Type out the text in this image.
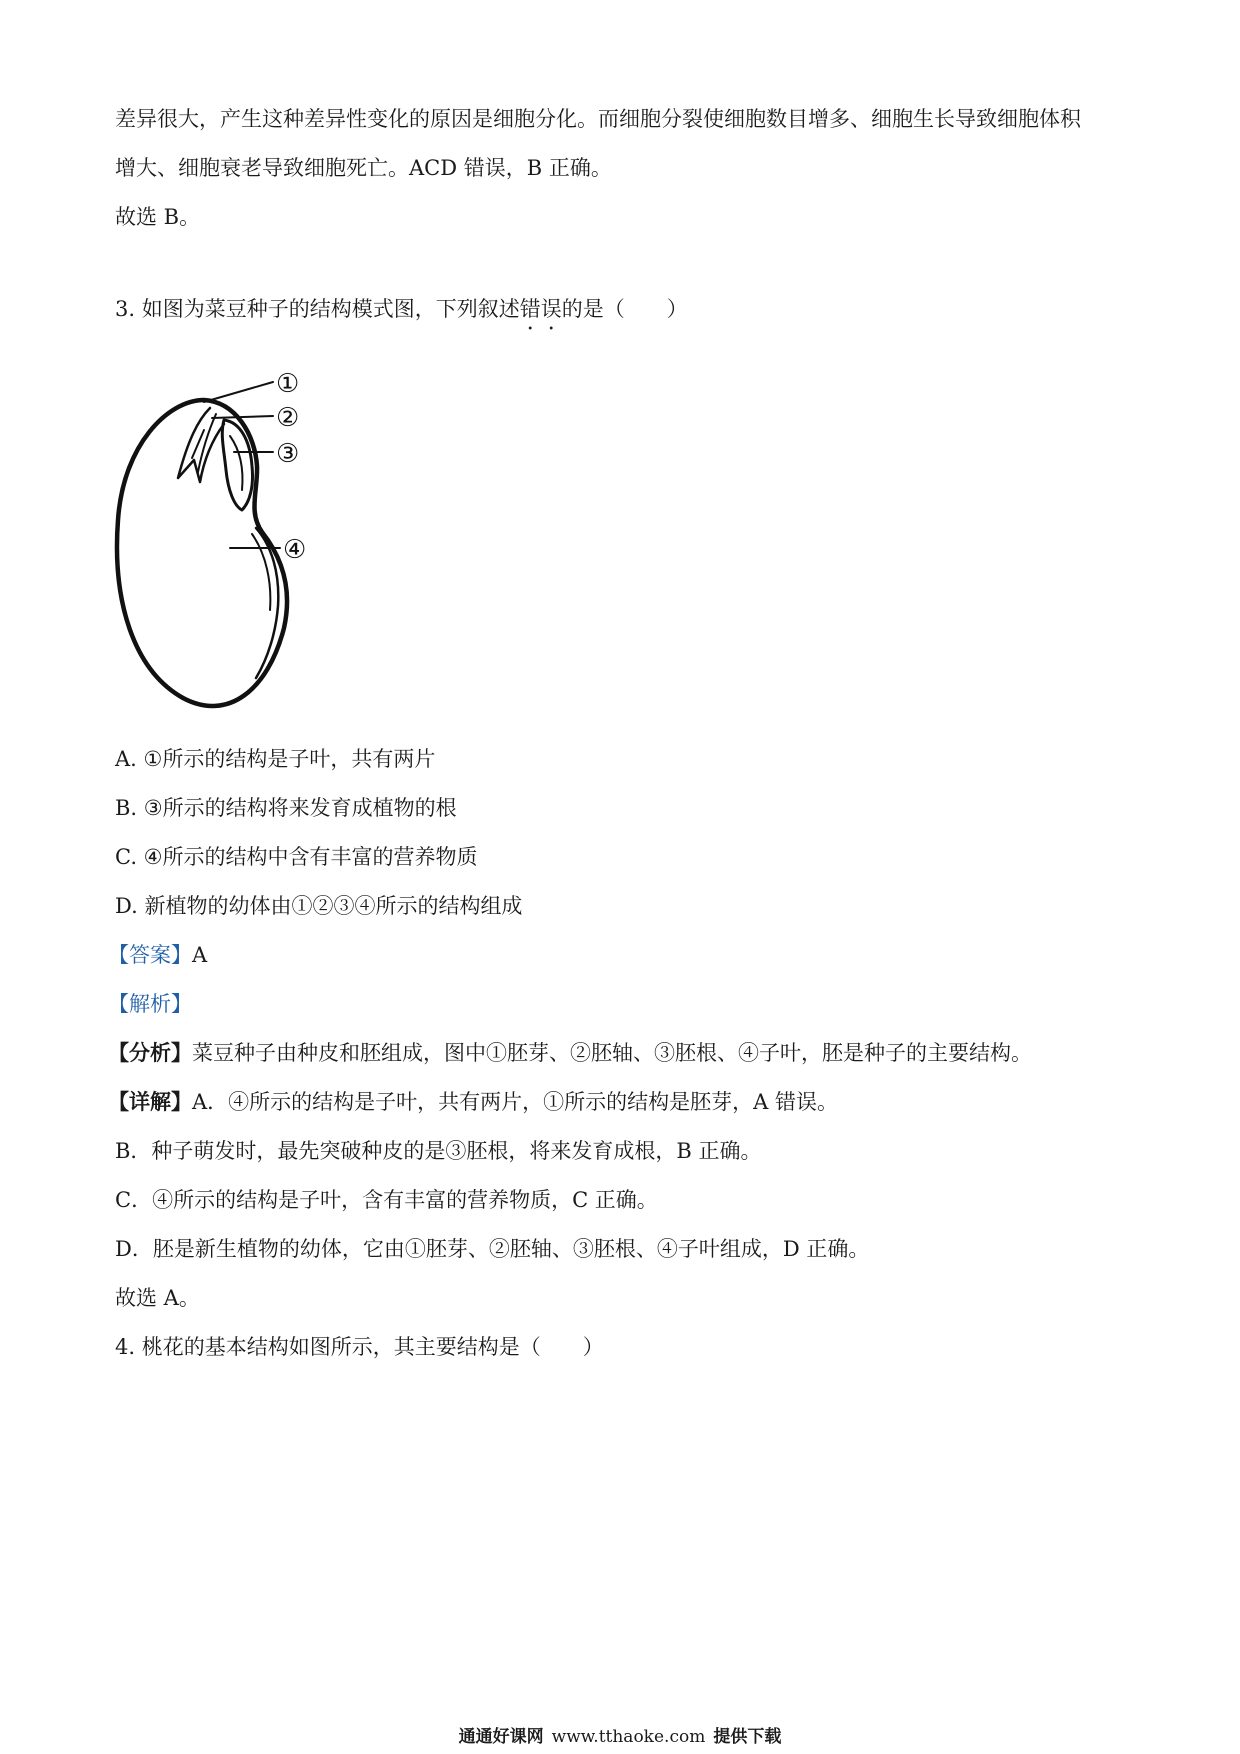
差异很大，产生这种差异性变化的原因是细胞分化。而细胞分裂使细胞数目增多、细胞生长导致细胞体积
增大、细胞衰老导致细胞死亡。ACD 错误，B 正确。
故选 B。
3. 如图为菜豆种子的结构模式图，下列叙述错误的是（　　）
①
②
③
④
A. ①所示的结构是子叶，共有两片
B. ③所示的结构将来发育成植物的根
C. ④所示的结构中含有丰富的营养物质
D. 新植物的幼体由①②③④所示的结构组成
【答案】A
【解析】
【分析】菜豆种子由种皮和胚组成，图中①胚芽、②胚轴、③胚根、④子叶，胚是种子的主要结构。
【详解】A．④所示的结构是子叶，共有两片，①所示的结构是胚芽，A 错误。
B．种子萌发时，最先突破种皮的是③胚根，将来发育成根，B 正确。
C．④所示的结构是子叶，含有丰富的营养物质，C 正确。
D．胚是新生植物的幼体，它由①胚芽、②胚轴、③胚根、④子叶组成，D 正确。
故选 A。
4. 桃花的基本结构如图所示，其主要结构是（　　）
通通好课网 www.tthaoke.com 提供下载
